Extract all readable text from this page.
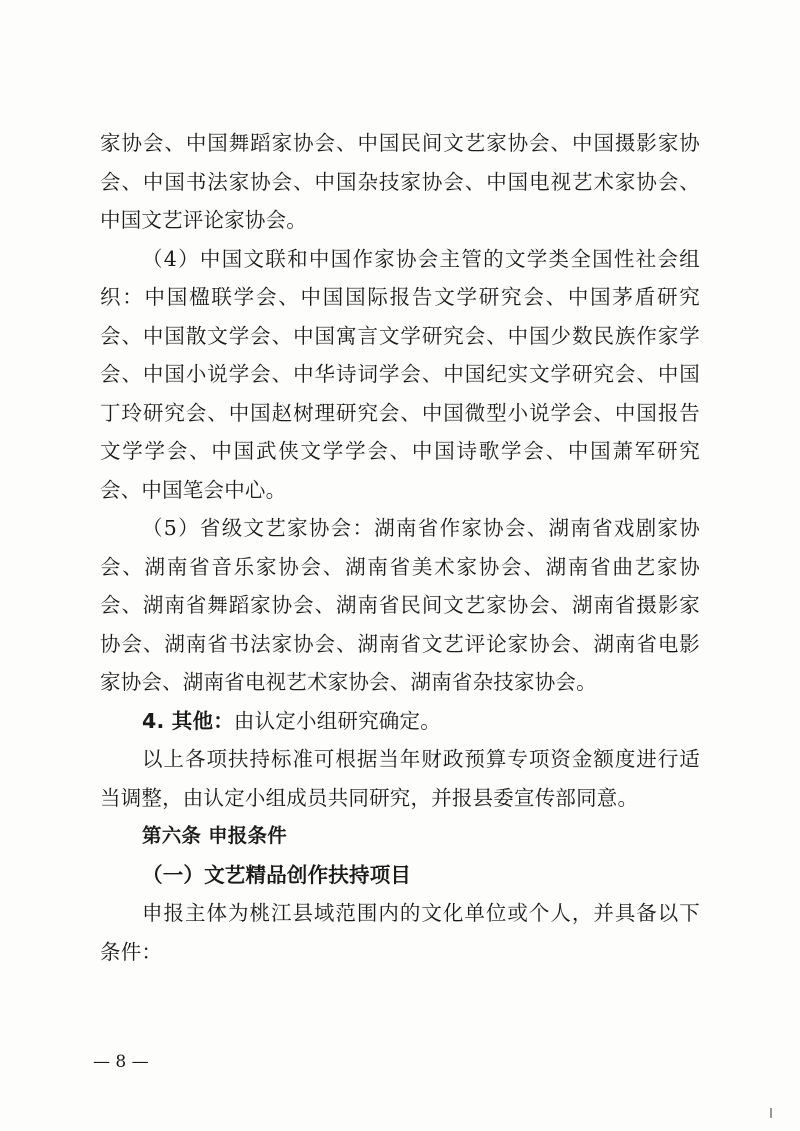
家协会、中国舞蹈家协会、中国民间文艺家协会、中国摄影家协会、中国书法家协会、中国杂技家协会、中国电视艺术家协会、中国文艺评论家协会。

（4）中国文联和中国作家协会主管的文学类全国性社会组织：中国楹联学会、中国国际报告文学研究会、中国茅盾研究会、中国散文学会、中国寓言文学研究会、中国少数民族作家学会、中国小说学会、中华诗词学会、中国纪实文学研究会、中国丁玲研究会、中国赵树理研究会、中国微型小说学会、中国报告文学学会、中国武侠文学学会、中国诗歌学会、中国萧军研究会、中国笔会中心。

（5）省级文艺家协会：湖南省作家协会、湖南省戏剧家协会、湖南省音乐家协会、湖南省美术家协会、湖南省曲艺家协会、湖南省舞蹈家协会、湖南省民间文艺家协会、湖南省摄影家协会、湖南省书法家协会、湖南省文艺评论家协会、湖南省电影家协会、湖南省电视艺术家协会、湖南省杂技家协会。

4. 其他：由认定小组研究确定。

以上各项扶持标准可根据当年财政预算专项资金额度进行适当调整，由认定小组成员共同研究，并报县委宣传部同意。

第六条 申报条件

（一）文艺精品创作扶持项目

申报主体为桃江县域范围内的文化单位或个人，并具备以下条件：

— 8 —
